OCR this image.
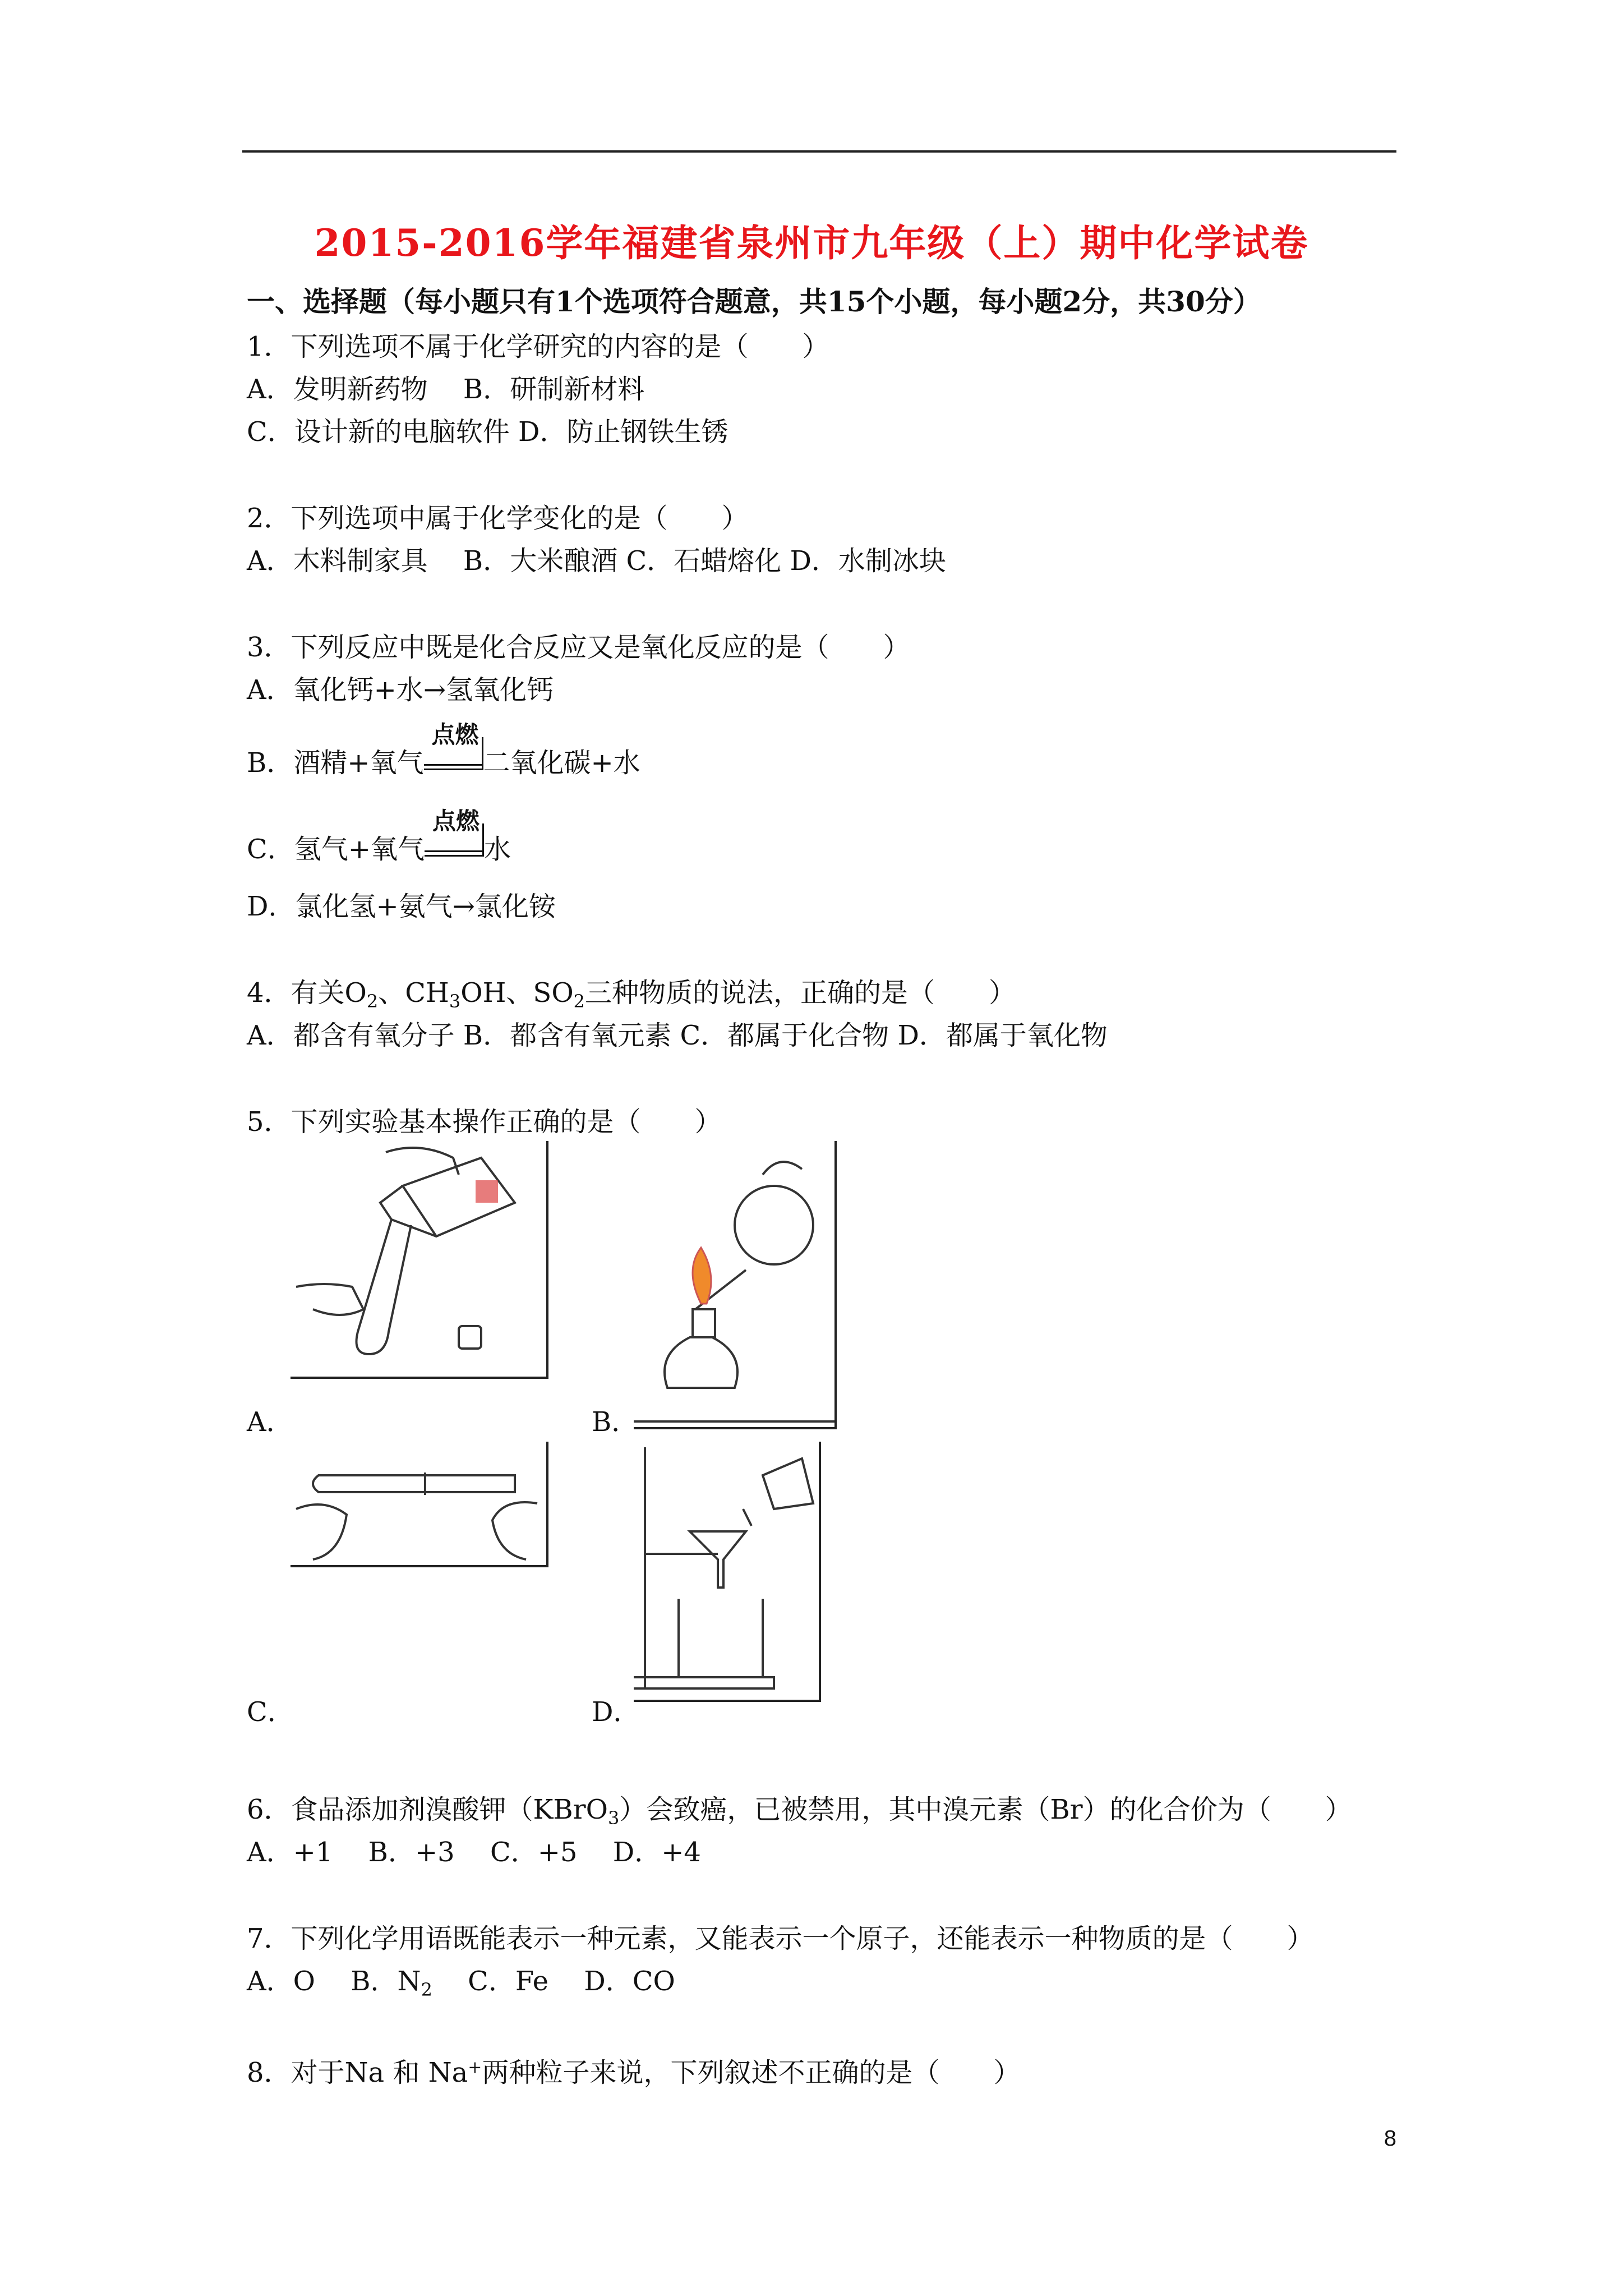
2015-2016学年福建省泉州市九年级（上）期中化学试卷
一、选择题（每小题只有1个选项符合题意，共15个小题，每小题2分，共30分）
1．下列选项不属于化学研究的内容的是（　　）
A．发明新药物　 B．研制新材料
C．设计新的电脑软件 D．防止钢铁生锈
2．下列选项中属于化学变化的是（　　）
A．木料制家具　 B．大米酿酒 C．石蜡熔化 D．水制冰块
3．下列反应中既是化合反应又是氧化反应的是（　　）
A．氧化钙+水→氢氧化钙
B．酒精+氧气
点燃
二氧化碳+水
C．氢气+氧气
点燃
水
D．氯化氢+氨气→氯化铵
4．有关$O_2$、$CH_3OH$、$SO_2$三种物质的说法，正确的是（　　）
A．都含有氧分子 B．都含有氧元素 C．都属于化合物 D．都属于氧化物
5．下列实验基本操作正确的是（　　）
A．	B．
C．	D．
6．食品添加剂溴酸钾（KBrO$_3$）会致癌，已被禁用，其中溴元素（Br）的化合价为（　　）
A．+1　 B．+3　 C．+5　 D．+4
7．下列化学用语既能表示一种元素，又能表示一个原子，还能表示一种物质的是（　　）
A．O　 B．$N_2$　 C．Fe　 D．CO
8．对于Na 和 Na+两种粒子来说，下列叙述不正确的是（　　）
8
